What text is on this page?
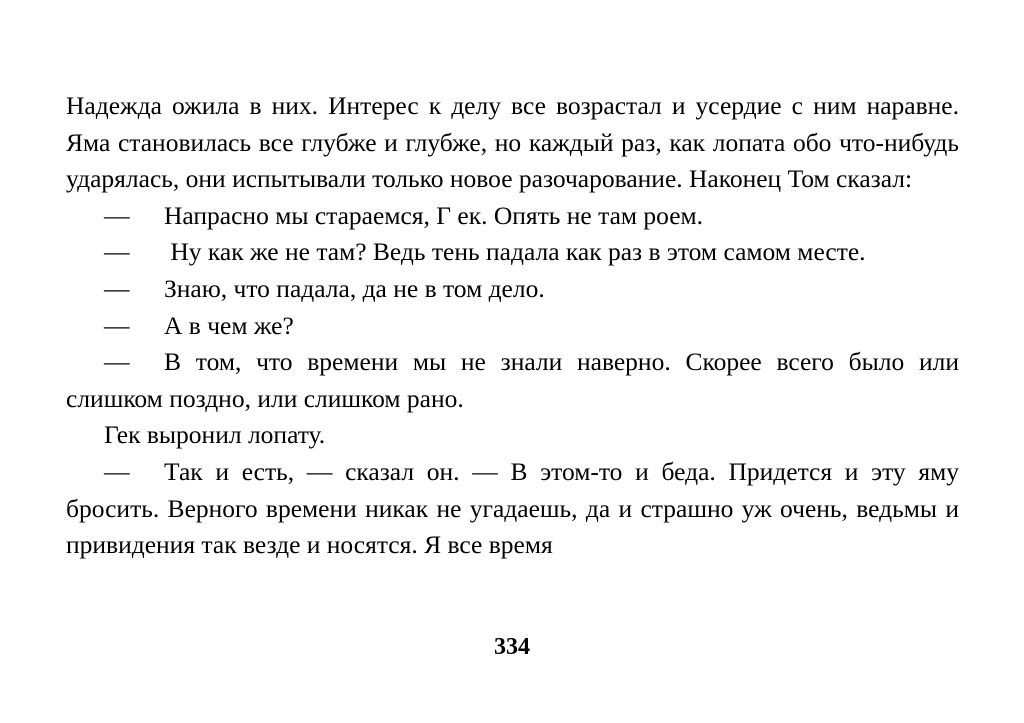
Надежда ожила в них. Интерес к делу все возрастал и усердие с ним наравне. Яма становилась все глубже и глубже, но каждый раз, как лопата обо что-нибудь ударялась, они испытывали только новое разочарование. Наконец Том сказал:

— Напрасно мы стараемся, Г ек. Опять не там роем.

— Ну как же не там? Ведь тень падала как раз в этом самом месте.

— Знаю, что падала, да не в том дело.

— А в чем же?

— В том, что времени мы не знали наверно. Скорее всего было или слишком поздно, или слишком рано.

Гек выронил лопату.

— Так и есть, — сказал он. — В этом-то и беда. Придется и эту яму бросить. Верного времени никак не угадаешь, да и страшно уж очень, ведьмы и привидения так везде и носятся. Я все время

334
